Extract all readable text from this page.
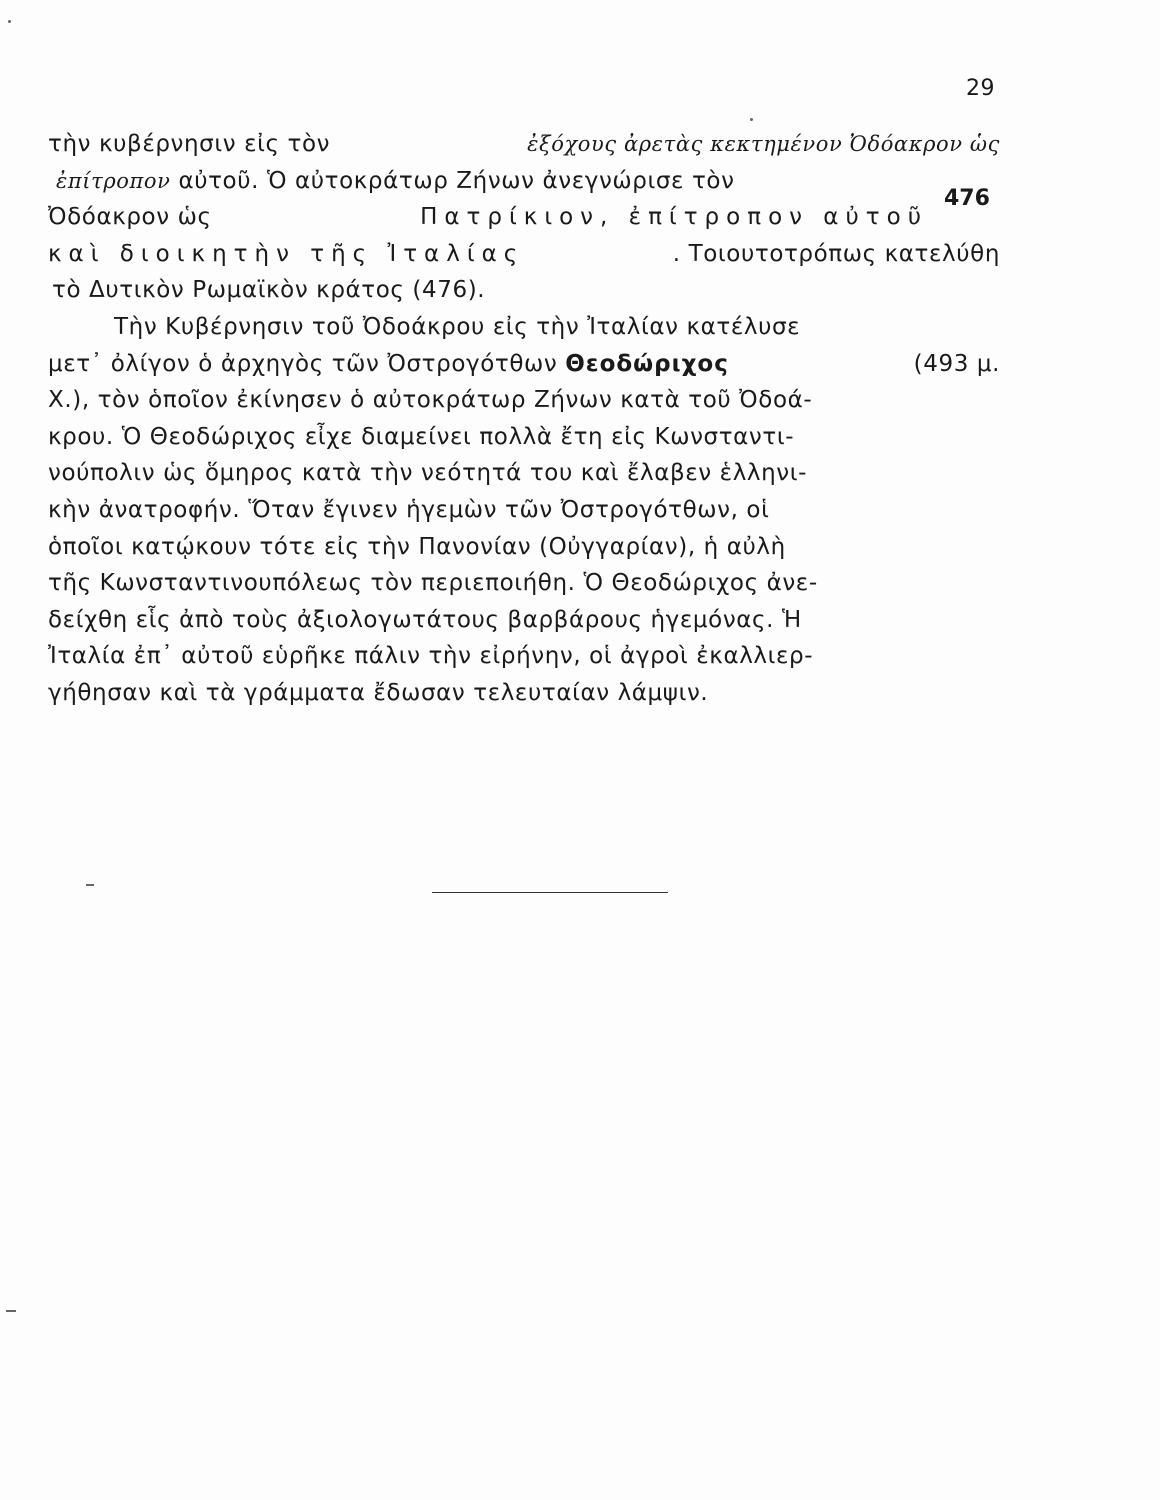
29
476
τὴν κυβέρνησιν εἰς τὸν	ἐξόχους ἀρετὰς κεκτημένον Ὀδόακρον ὡς
ἐπίτροπον αὐτοῦ. Ὁ αὐτοκράτωρ Ζήνων ἀνεγνώρισε τὸν
Ὀδόακρον ὡς	Πατρίκιον, ἐπίτροπον αὐτοῦ
καὶ διοικητὴν τῆς Ἰταλίας	. Τοιουτοτρόπως κατελύθη
τὸ Δυτικὸν Ρωμαϊκὸν κράτος (476).
Τὴν Κυβέρνησιν τοῦ Ὀδοάκρου εἰς τὴν Ἰταλίαν κατέλυσε
μετ᾽ ὀλίγον ὁ ἀρχηγὸς τῶν Ὀστρογότθων Θεοδώριχος	(493 μ.
Χ.), τὸν ὁποῖον ἐκίνησεν ὁ αὐτοκράτωρ Ζήνων κατὰ τοῦ Ὀδοά-
κρου. Ὁ Θεοδώριχος εἶχε διαμείνει πολλὰ ἔτη εἰς Κωνσταντι-
νούπολιν ὡς ὅμηρος κατὰ τὴν νεότητά του καὶ ἔλαβεν ἑλληνι-
κὴν ἀνατροφήν. Ὅταν ἔγινεν ἡγεμὼν τῶν Ὀστρογότθων, οἱ
ὁποῖοι κατῴκουν τότε εἰς τὴν Πανονίαν (Οὐγγαρίαν), ἡ αὐλὴ
τῆς Κωνσταντινουπόλεως τὸν περιεποιήθη. Ὁ Θεοδώριχος ἀνε-
δείχθη εἷς ἀπὸ τοὺς ἀξιολογωτάτους βαρβάρους ἡγεμόνας. Ἡ
Ἰταλία ἐπ᾽ αὐτοῦ εὑρῆκε πάλιν τὴν εἰρήνην, οἱ ἀγροὶ ἐκαλλιερ-
γήθησαν καὶ τὰ γράμματα ἔδωσαν τελευταίαν λάμψιν.
